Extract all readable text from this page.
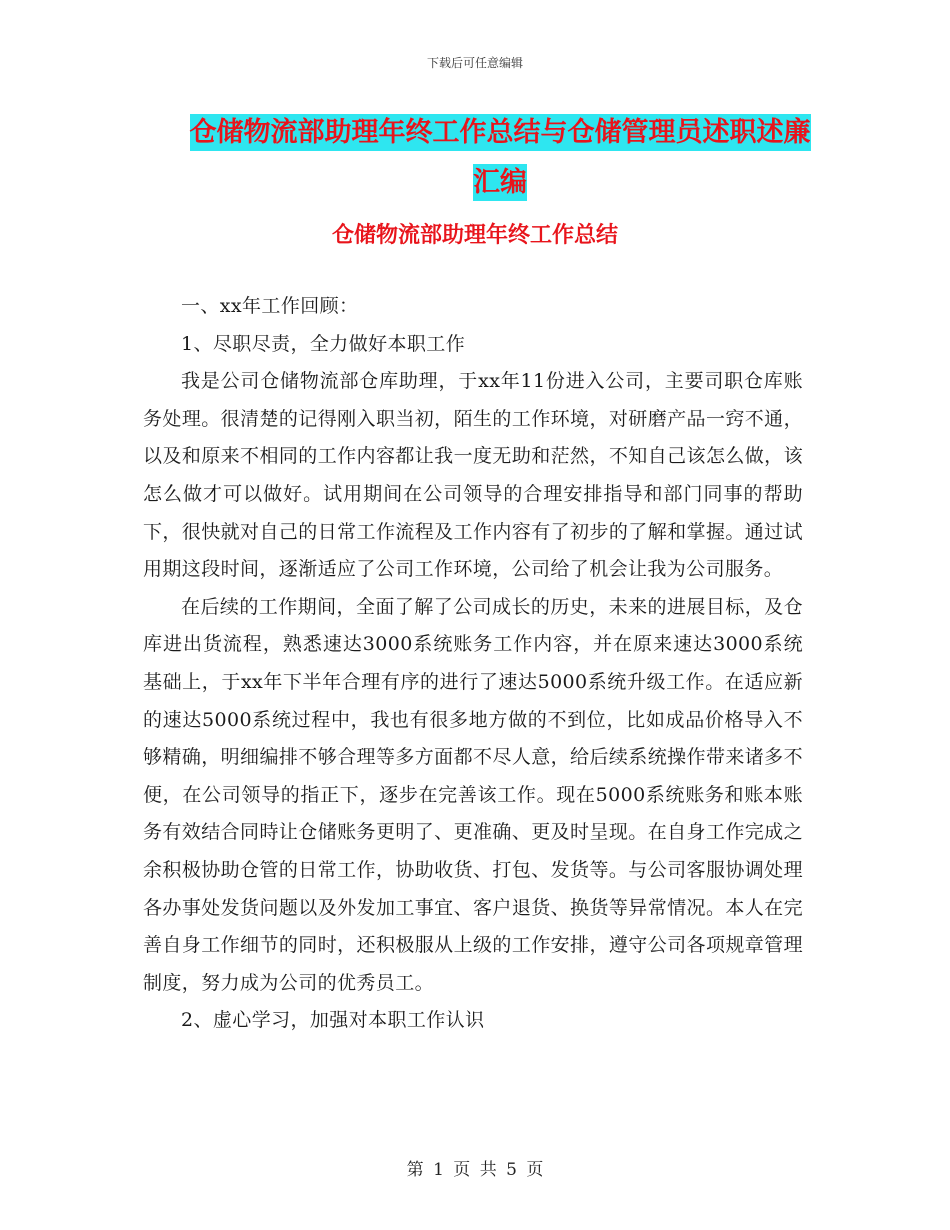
下载后可任意编辑
仓储物流部助理年终工作总结与仓储管理员述职述廉
汇编
仓储物流部助理年终工作总结

一、xx年工作回顾：

1、尽职尽责，全力做好本职工作

我是公司仓储物流部仓库助理，于xx年11份进入公司，主要司职仓库账务处理。很清楚的记得刚入职当初，陌生的工作环境，对研磨产品一窍不通，以及和原来不相同的工作内容都让我一度无助和茫然，不知自己该怎么做，该怎么做才可以做好。试用期间在公司领导的合理安排指导和部门同事的帮助下，很快就对自己的日常工作流程及工作内容有了初步的了解和掌握。通过试用期这段时间，逐渐适应了公司工作环境，公司给了机会让我为公司服务。

在后续的工作期间，全面了解了公司成长的历史，未来的进展目标，及仓库进出货流程，熟悉速达3000系统账务工作内容，并在原来速达3000系统基础上，于xx年下半年合理有序的进行了速达5000系统升级工作。在适应新的速达5000系统过程中，我也有很多地方做的不到位，比如成品价格导入不够精确，明细编排不够合理等多方面都不尽人意，给后续系统操作带来诸多不便，在公司领导的指正下，逐步在完善该工作。现在5000系统账务和账本账务有效结合同時让仓储账务更明了、更准确、更及时呈现。在自身工作完成之余积极协助仓管的日常工作，协助收货、打包、发货等。与公司客服协调处理各办事处发货问题以及外发加工事宜、客户退货、换货等异常情况。本人在完善自身工作细节的同时，还积极服从上级的工作安排，遵守公司各项规章管理制度，努力成为公司的优秀员工。

2、虚心学习，加强对本职工作认识

第 1 页 共 5 页
